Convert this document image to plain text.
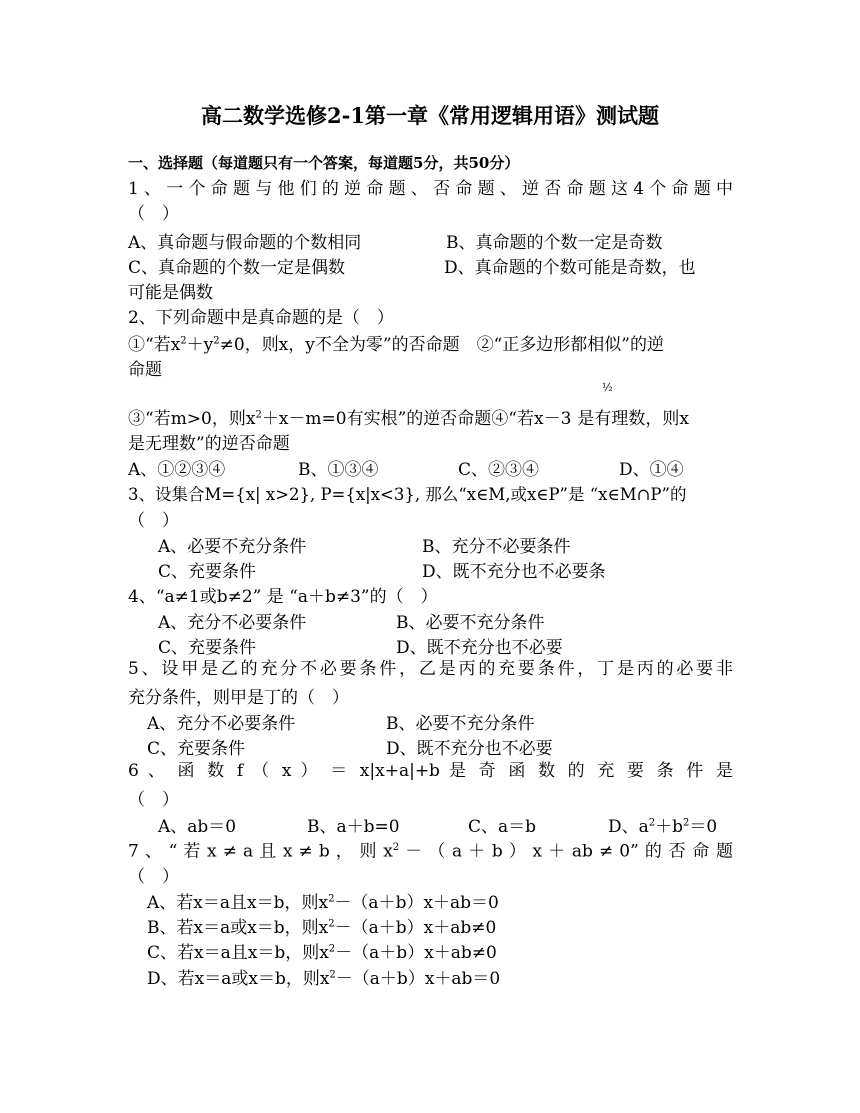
高二数学选修2-1第一章《常用逻辑用语》测试题
一、选择题（每道题只有一个答案，每道题5分，共50分）
1、一个命题与他们的逆命题、否命题、逆否命题这4个命题中
（　）
A、真命题与假命题的个数相同	B、真命题的个数一定是奇数
C、真命题的个数一定是偶数	D、真命题的个数可能是奇数，也
可能是偶数
2、下列命题中是真命题的是（　）
①“若$x^2+y^2\ne 0$，则x，y不全为零”的否命题　②“正多边形都相似”的逆
命题
½
③“若m>0，则$x^2+x-m=0$有实根”的逆否命题④“若x－3 是有理数，则x
是无理数”的逆否命题
A、①②③④	B、①③④	C、②③④	D、①④
3、设集合M={x| x>2}, P={x|x<3}, 那么“x∈M,或x∈P”是 “x∈M∩P”的
（　）
A、必要不充分条件	B、充分不必要条件
C、充要条件	D、既不充分也不必要条
4、“a≠1或b≠2” 是 “a＋b≠3”的（　）
A、充分不必要条件	B、必要不充分条件
C、充要条件	D、既不充分也不必要
5、设甲是乙的充分不必要条件，乙是丙的充要条件，丁是丙的必要非
充分条件，则甲是丁的（　）
A、充分不必要条件	B、必要不充分条件
C、充要条件	D、既不充分也不必要
6 、 函 数 f （ x ） ＝ x|x+a|+b 是 奇 函 数 的 充 要 条 件 是
（　）
A、ab＝0	B、a＋b=0	C、a＝b	D、$a^2+b^2=0$
7 、 “ 若 x ≠ a 且 x ≠ b ， 则 $x^2$ － （ a ＋ b ） x ＋ ab ≠ 0” 的 否 命 题
（　）
A、若x＝a且x＝b，则$x^2-(a+b)x+ab=0$
B、若x＝a或x＝b，则$x^2-(a+b)x+ab\ne 0$
C、若x＝a且x＝b，则$x^2-(a+b)x+ab\ne 0$
D、若x＝a或x＝b，则$x^2-(a+b)x+ab=0$
